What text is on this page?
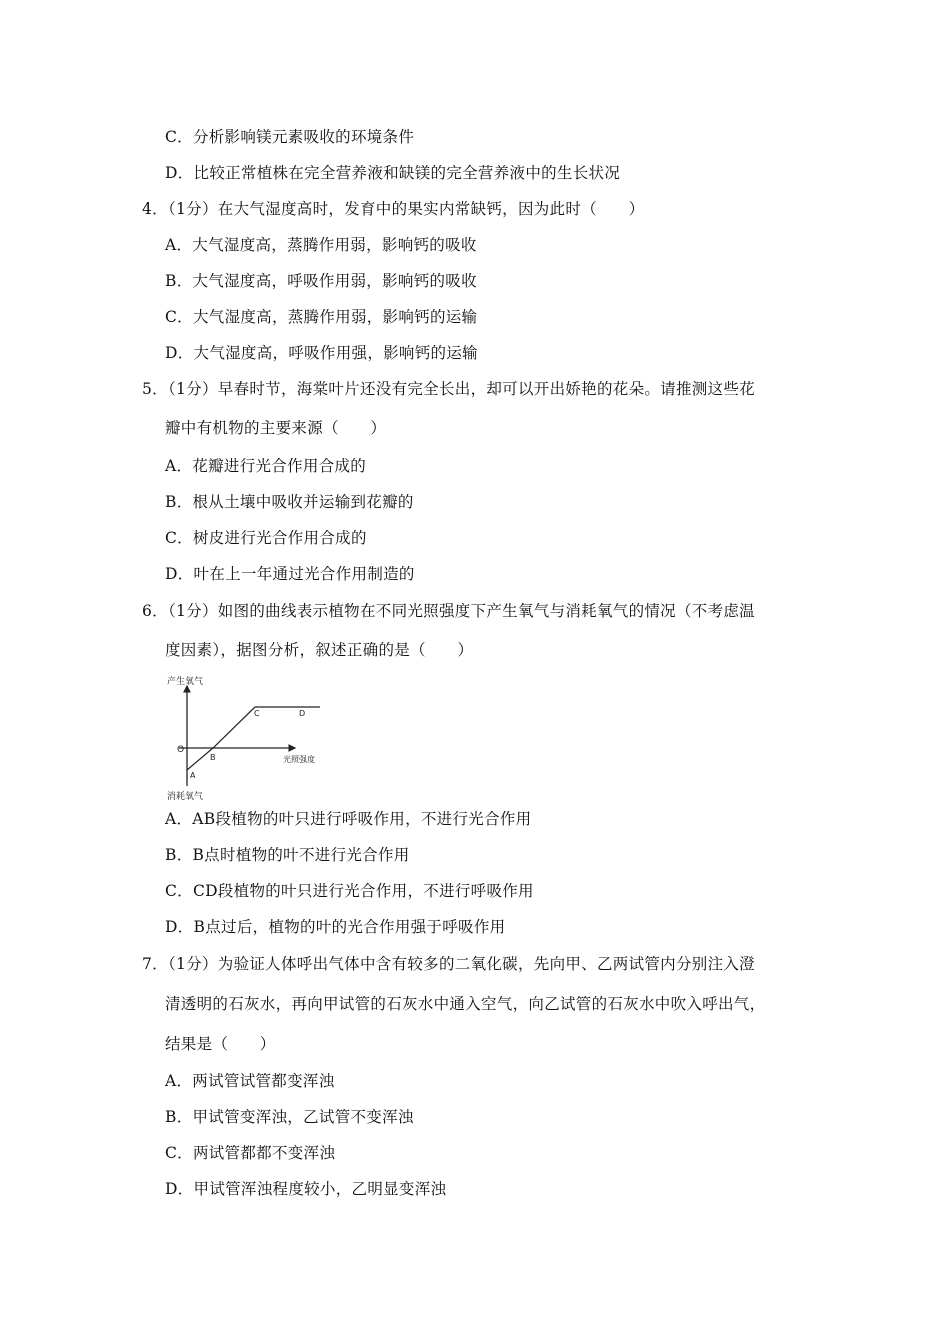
C．分析影响镁元素吸收的环境条件
D．比较正常植株在完全营养液和缺镁的完全营养液中的生长状况
4．（1分）在大气湿度高时，发育中的果实内常缺钙，因为此时（　　）
A．大气湿度高，蒸腾作用弱，影响钙的吸收
B．大气湿度高，呼吸作用弱，影响钙的吸收
C．大气湿度高，蒸腾作用弱，影响钙的运输
D．大气湿度高，呼吸作用强，影响钙的运输
5．（1分）早春时节，海棠叶片还没有完全长出，却可以开出娇艳的花朵。请推测这些花
瓣中有机物的主要来源（　　）
A．花瓣进行光合作用合成的
B．根从土壤中吸收并运输到花瓣的
C．树皮进行光合作用合成的
D．叶在上一年通过光合作用制造的
6．（1分）如图的曲线表示植物在不同光照强度下产生氧气与消耗氧气的情况（不考虑温
度因素），据图分析，叙述正确的是（　　）
产生氧气
消耗氧气
光照强度
O
A
B
C	D
A．AB段植物的叶只进行呼吸作用，不进行光合作用
B．B点时植物的叶不进行光合作用
C．CD段植物的叶只进行光合作用，不进行呼吸作用
D．B点过后，植物的叶的光合作用强于呼吸作用
7．（1分）为验证人体呼出气体中含有较多的二氧化碳，先向甲、乙两试管内分别注入澄
清透明的石灰水，再向甲试管的石灰水中通入空气，向乙试管的石灰水中吹入呼出气，
结果是（　　）
A．两试管试管都变浑浊
B．甲试管变浑浊，乙试管不变浑浊
C．两试管都都不变浑浊
D．甲试管浑浊程度较小，乙明显变浑浊
